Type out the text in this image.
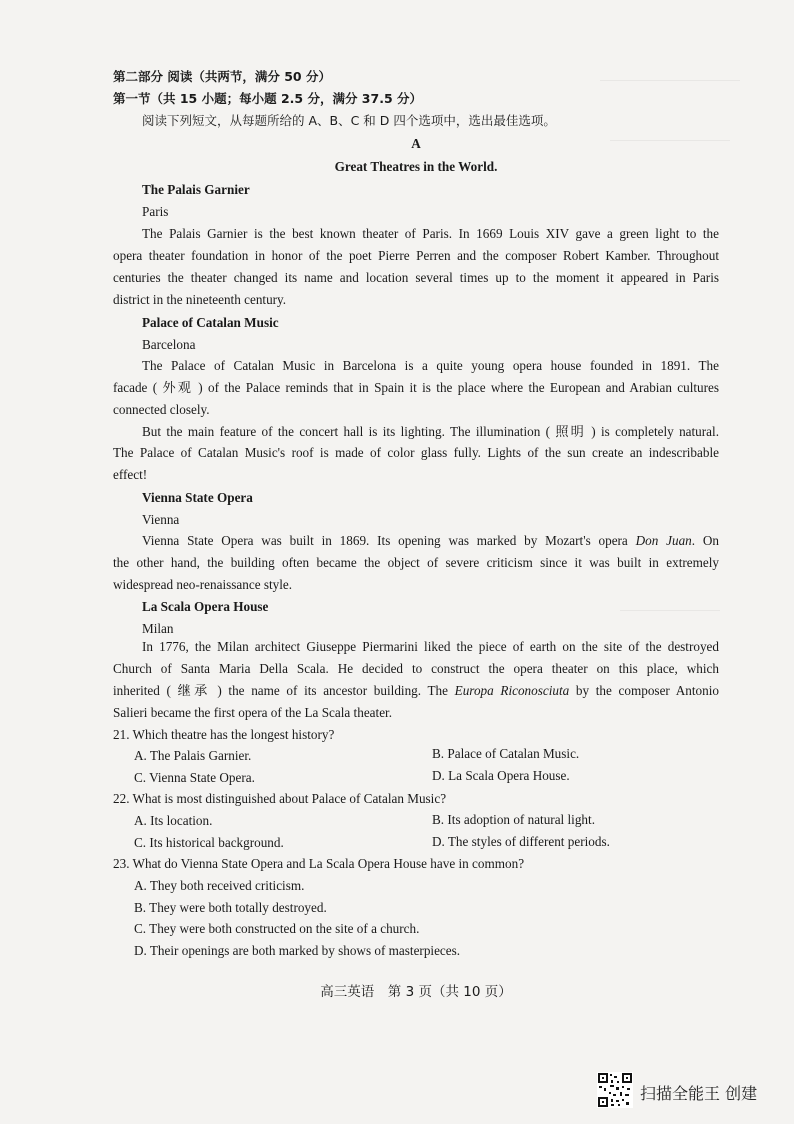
第二部分 阅读（共两节，满分 50 分）
第一节（共 15 小题；每小题 2.5 分，满分 37.5 分）
阅读下列短文，从每题所给的 A、B、C 和 D 四个选项中，选出最佳选项。
A
Great Theatres in the World.
The Palais Garnier
Paris
The Palais Garnier is the best known theater of Paris. In 1669 Louis XIV gave a green light to the
opera theater foundation in honor of the poet Pierre Perren and the composer Robert Kamber. Throughout
centuries the theater changed its name and location several times up to the moment it appeared in Paris
district in the nineteenth century.
Palace of Catalan Music
Barcelona
The Palace of Catalan Music in Barcelona is a quite young opera house founded in 1891. The
facade ( 外观 ) of the Palace reminds that in Spain it is the place where the European and Arabian cultures
connected closely.
But the main feature of the concert hall is its lighting. The illumination ( 照明 ) is completely natural.
The Palace of Catalan Music's roof is made of color glass fully. Lights of the sun create an indescribable
effect!
Vienna State Opera
Vienna
Vienna State Opera was built in 1869. Its opening was marked by Mozart's opera Don Juan. On
the other hand, the building often became the object of severe criticism since it was built in extremely
widespread neo-renaissance style.
La Scala Opera House
Milan
In 1776, the Milan architect Giuseppe Piermarini liked the piece of earth on the site of the destroyed
Church of Santa Maria Della Scala. He decided to construct the opera theater on this place, which
inherited ( 继承 ) the name of its ancestor building. The Europa Riconosciuta by the composer Antonio
Salieri became the first opera of the La Scala theater.
21. Which theatre has the longest history?
A. The Palais Garnier.	B. Palace of Catalan Music.
C. Vienna State Opera.	D. La Scala Opera House.
22. What is most distinguished about Palace of Catalan Music?
A. Its location.	B. Its adoption of natural light.
C. Its historical background.	D. The styles of different periods.
23. What do Vienna State Opera and La Scala Opera House have in common?
A. They both received criticism.
B. They were both totally destroyed.
C. They were both constructed on the site of a church.
D. Their openings are both marked by shows of masterpieces.
高三英语　第 3 页（共 10 页）
扫描全能王 创建
